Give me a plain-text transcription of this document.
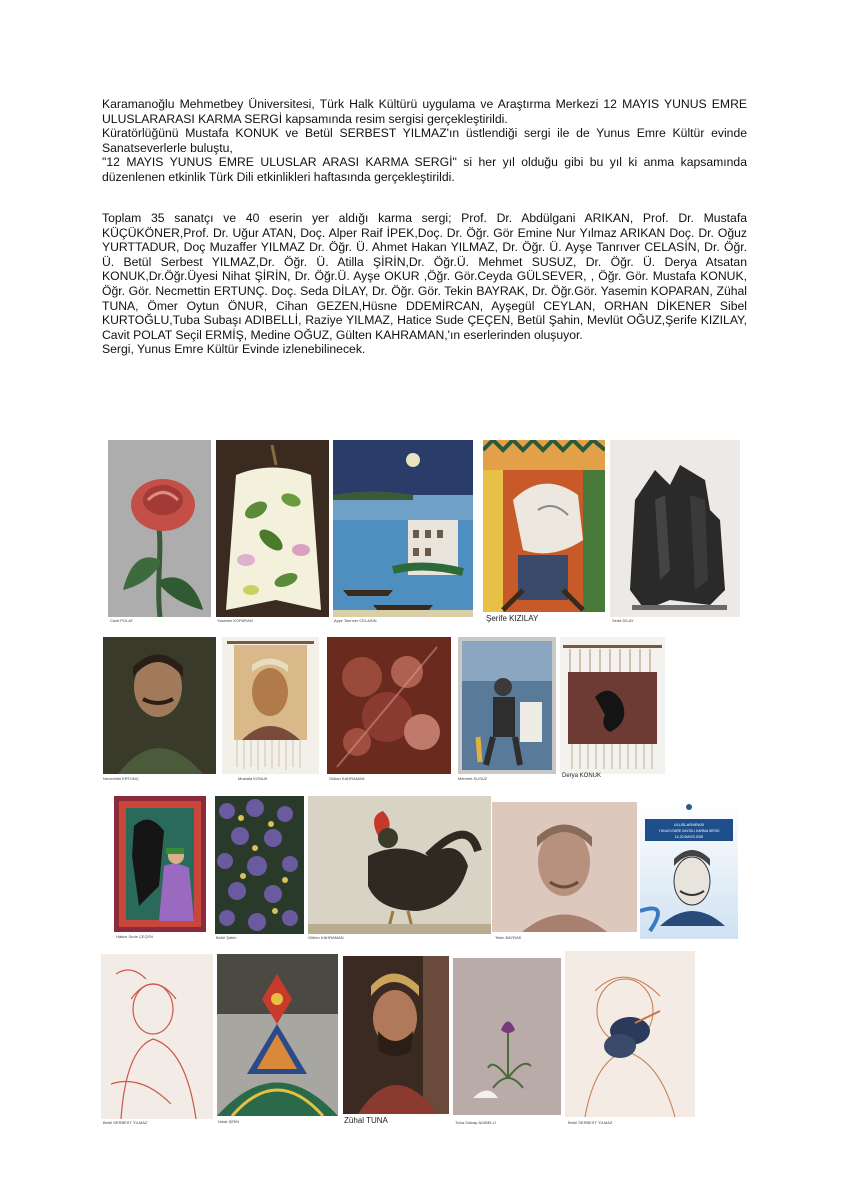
Karamanoğlu Mehmetbey Üniversitesi, Türk Halk Kültürü uygulama ve Araştırma Merkezi 12 MAYIS YUNUS EMRE ULUSLARARASI KARMA SERGİ kapsamında resim sergisi gerçekleştirildi.
Küratörlüğünü Mustafa KONUK ve Betül SERBEST YILMAZ'ın üstlendiği sergi ile de Yunus Emre Kültür evinde Sanatseverlerle buluştu,
"12 MAYIS YUNUS EMRE ULUSLAR ARASI KARMA SERGİ" si her yıl olduğu gibi bu yıl ki anma kapsamında düzenlenen etkinlik Türk Dili etkinlikleri haftasında gerçekleştirildi.
Toplam 35 sanatçı ve 40 eserin yer aldığı karma sergi; Prof. Dr. Abdülgani ARIKAN, Prof. Dr. Mustafa KÜÇÜKÖNER,Prof. Dr. Uğur ATAN, Doç. Alper Raif İPEK,Doç. Dr. Öğr. Gör Emine Nur Yılmaz ARIKAN Doç. Dr. Oğuz YURTTADUR, Doç Muzaffer YILMAZ Dr. Öğr. Ü. Ahmet Hakan YILMAZ, Dr. Öğr. Ü. Ayşe Tanrıver CELASİN, Dr. Öğr. Ü. Betül Serbest YILMAZ,Dr. Öğr. Ü. Atilla ŞİRİN,Dr. Öğr.Ü. Mehmet SUSUZ, Dr. Öğr. Ü. Derya Atsatan KONUK,Dr.Öğr.Üyesi Nihat ŞİRİN, Dr. Öğr.Ü. Ayşe OKUR ,Öğr. Gör.Ceyda GÜLSEVER, , Öğr. Gör. Mustafa KONUK, Öğr. Gör. Necmettin ERTUNÇ. Doç. Seda DİLAY, Dr. Öğr. Gör. Tekin BAYRAK, Dr. Öğr.Gör. Yasemin KOPARAN, Zühal TUNA, Ömer Oytun ÖNUR, Cihan GEZEN,Hüsne DDEMİRCAN, Ayşegül CEYLAN, ORHAN DİKENER Sibel KURTOĞLU,Tuba Subaşı ADIBELLİ, Raziye YILMAZ, Hatice Sude ÇEÇEN, Betül Şahin, Mevlüt OĞUZ,Şerife KIZILAY, Cavit POLAT Seçil ERMİŞ, Medine OĞUZ, Gülten KAHRAMAN,'ın eserlerinden oluşuyor.
Sergi, Yunus Emre Kültür Evinde izlenebilinecek.
Cavit POLAT	Yasemin KOPARAN	Ayşe Tanrıver CELASİN	Şerife KIZILAY	Seda DİLAY
Necmettin ERTUNÇ	Mustafa KONUK	Gülten KAHRAMAN	Mehmet SUSUZ	Derya KONUK
ULUSLARARASI
YUNUS EMRE SAYGILI KARMA SERGİ
14-20 MAYIS 2025
Hatice Sude ÇEÇEN	Betül Şahin	Gülten KAHRAMAN	Tekin BAYRAK
Betül SERBEST YILMAZ	Nihat ŞİRİN	Zühal TUNA	Tuba Subaşı ADIBELLİ	Betül SERBEST YILMAZ
